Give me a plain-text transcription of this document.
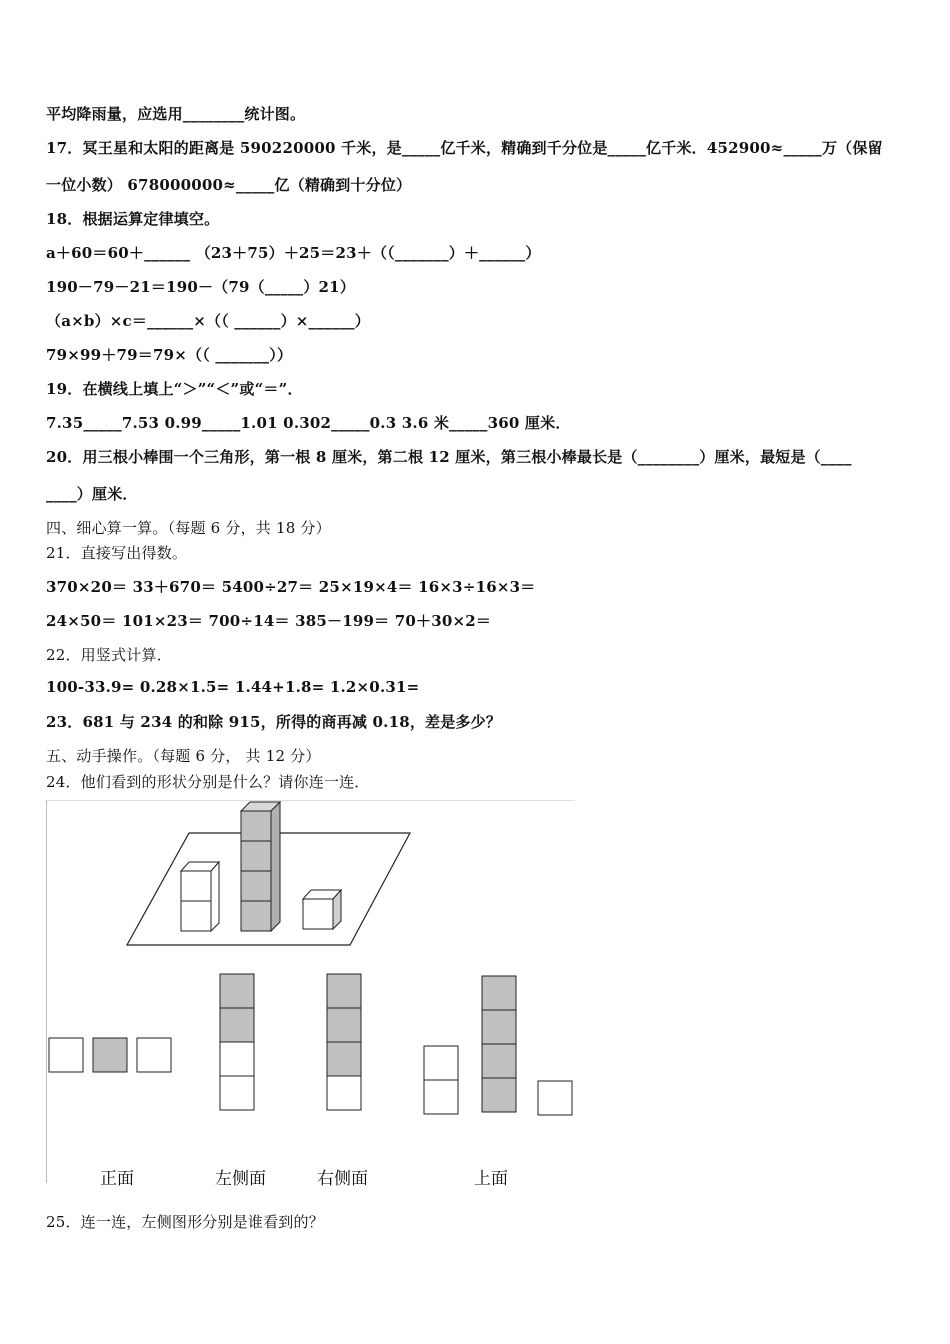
平均降雨量，应选用________统计图。
17．冥王星和太阳的距离是 590220000 千米，是_____亿千米，精确到千分位是_____亿千米．452900≈_____万（保留
一位小数） 678000000≈_____亿（精确到十分位）
18．根据运算定律填空。
a＋60＝60＋______ （23＋75）＋25＝23＋（（_______）＋______）
190－79－21＝190－（79（_____）21）
（a×b）×c＝______×（（ ______）×______）
79×99＋79＝79×（（ _______））
19．在横线上填上“＞”“＜”或“＝”．
7.35_____7.53 0.99_____1.01 0.302_____0.3 3.6 米_____360 厘米．
20．用三根小棒围一个三角形，第一根 8 厘米，第二根 12 厘米，第三根小棒最长是（________）厘米，最短是（____
____）厘米．
四、细心算一算。（每题 6 分，共 18 分）
21．直接写出得数。
370×20＝ 33＋670＝ 5400÷27＝ 25×19×4＝ 16×3÷16×3＝
24×50＝ 101×23＝ 700÷14＝ 385－199＝ 70＋30×2＝
22．用竖式计算．
100-33.9= 0.28×1.5= 1.44+1.8= 1.2×0.31=
23．681 与 234 的和除 915，所得的商再减 0.18，差是多少？
五、动手操作。（每题 6 分， 共 12 分）
24．他们看到的形状分别是什么？请你连一连．
正面	左侧面	右侧面	上面
25．连一连，左侧图形分别是谁看到的？
